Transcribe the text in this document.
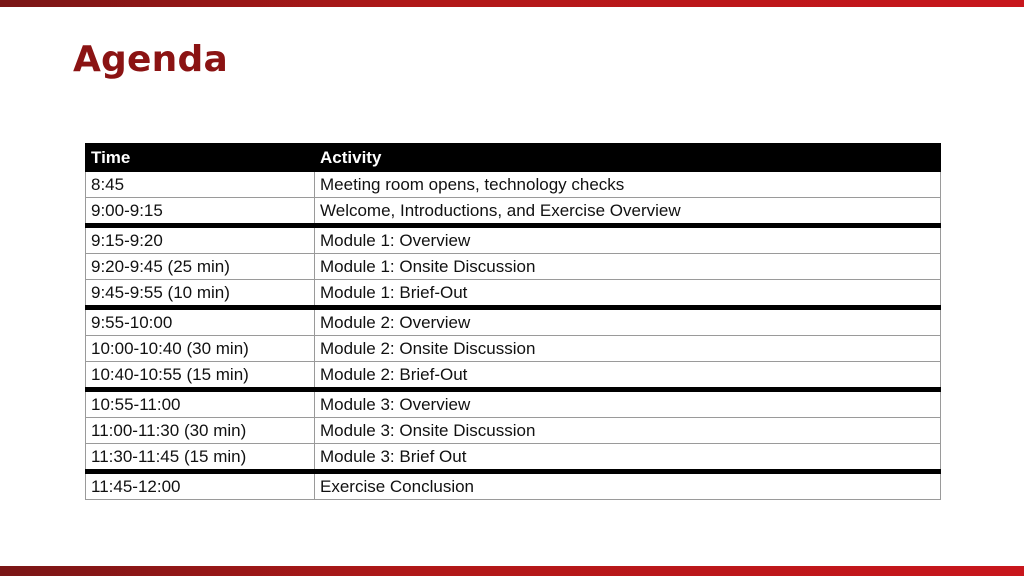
Agenda
Time	Activity
8:45	Meeting room opens, technology checks
9:00-9:15	Welcome, Introductions, and Exercise Overview
9:15-9:20	Module 1: Overview
9:20-9:45 (25 min)	Module 1: Onsite Discussion
9:45-9:55 (10 min)	Module 1: Brief-Out
9:55-10:00	Module 2: Overview
10:00-10:40 (30 min)	Module 2: Onsite Discussion
10:40-10:55 (15 min)	Module 2: Brief-Out
10:55-11:00	Module 3: Overview
11:00-11:30 (30 min)	Module 3: Onsite Discussion
11:30-11:45 (15 min)	Module 3: Brief Out
11:45-12:00	Exercise Conclusion
